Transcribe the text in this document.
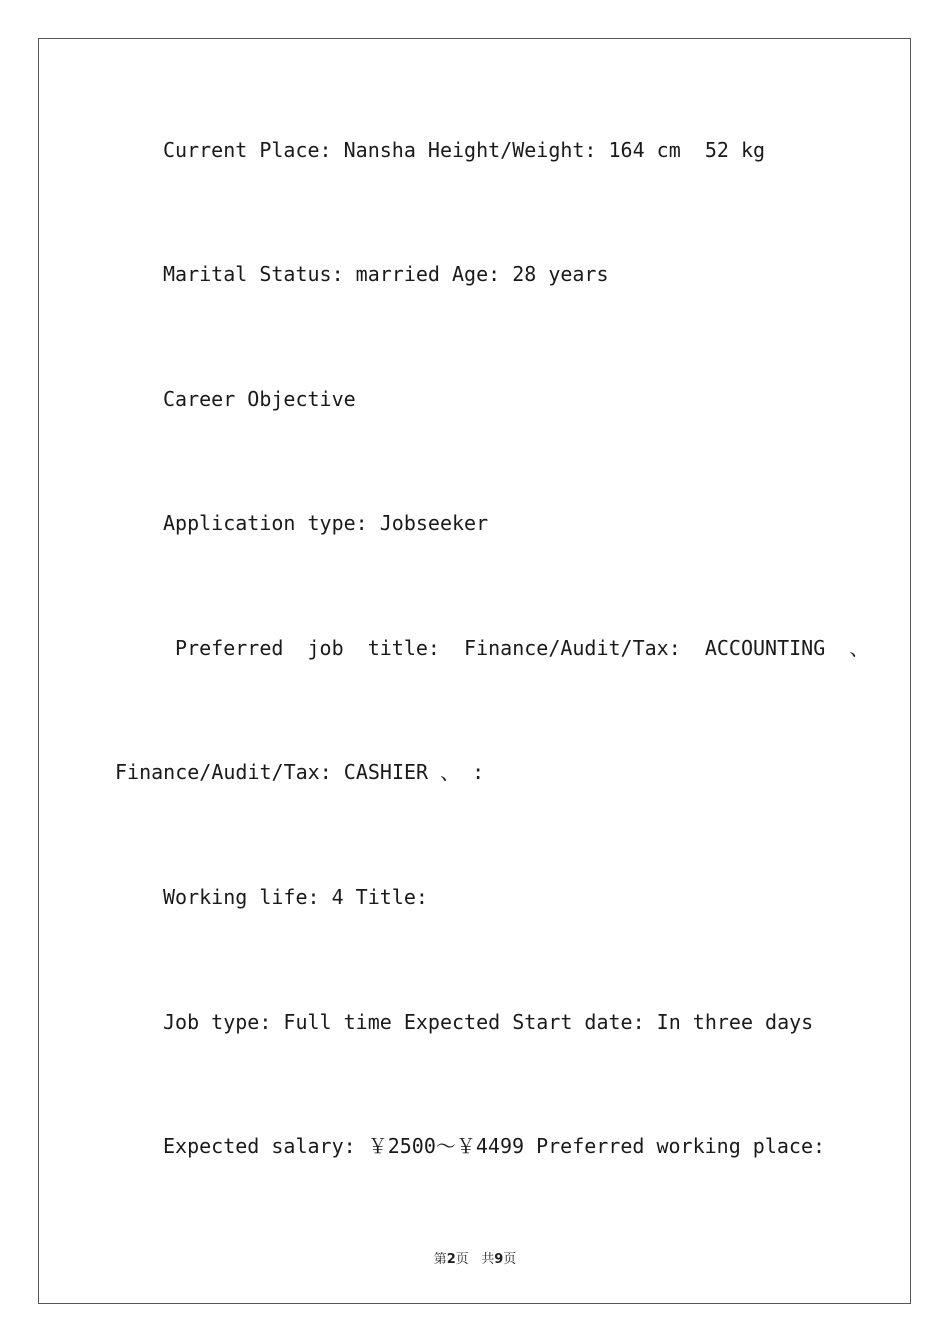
Current Place: Nansha Height/Weight: 164 cm  52 kg
Marital Status: married Age: 28 years
Career Objective
Application type: Jobseeker
Preferred  job  title:  Finance/Audit/Tax:  ACCOUNTING  、
Finance/Audit/Tax: CASHIER 、 :
Working life: 4 Title:
Job type: Full time Expected Start date: In three days
Expected salary: ￥2500～￥4499 Preferred working place:
第2页 共9页
